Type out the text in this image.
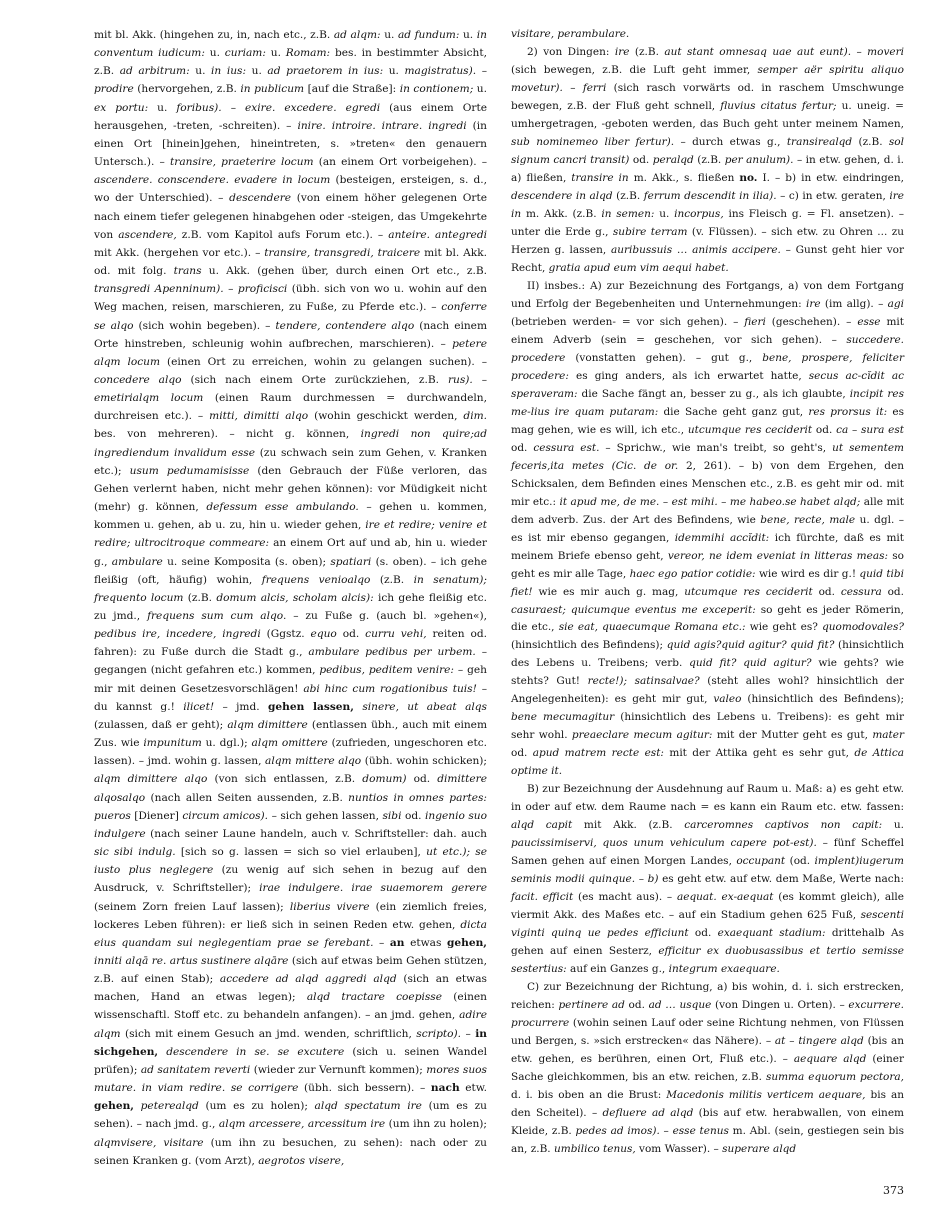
mit bl. Akk. (hingehen zu, in, nach etc., z.B. ad alqm: u. ad fundum: u. in conventum iudicum: u. curiam: u. Romam: bes. in bestimmter Absicht, z.B. ad arbitrum: u. in ius: u. ad praetorem in ius: u. magistratus). – prodire (hervorgehen, z.B. in publicum [auf die Straße]: in contionem; u. ex portu: u. foribus). – exire. excedere. egredi (aus einem Orte herausgehen, -treten, -schreiten). – inire. introire. intrare. ingredi (in einen Ort [hinein]gehen, hineintreten, s. »treten« den genauern Untersch.). – transire, praeterire locum (an einem Ort vorbeigehen). – ascendere. conscendere. evadere in locum (besteigen, ersteigen, s. d., wo der Unterschied). – descendere (von einem höher gelegenen Orte nach einem tiefer gelegenen hinabgehen oder -steigen, das Umgekehrte von ascendere, z.B. vom Kapitol aufs Forum etc.). – anteire. antegredi mit Akk. (hergehen vor etc.). – transire, transgredi, traicere mit bl. Akk. od. mit folg. trans u. Akk. (gehen über, durch einen Ort etc., z.B. transgredi Apenninum). – proficisci (übh. sich von wo u. wohin auf den Weg machen, reisen, marschieren, zu Fuße, zu Pferde etc.). – conferre se alqo (sich wohin begeben). – tendere, contendere alqo (nach einem Orte hinstreben, schleunig wohin aufbrechen, marschieren). – petere alqm locum (einen Ort zu erreichen, wohin zu gelangen suchen). – concedere alqo (sich nach einem Orte zurückziehen, z.B. rus). – emetirialqm locum (einen Raum durchmessen = durchwandeln, durchreisen etc.). – mitti, dimitti alqo (wohin geschickt werden, dim. bes. von mehreren). – nicht g. können, ingredi non quire;ad ingrediendum invalidum esse (zu schwach sein zum Gehen, v. Kranken etc.); usum pedumamisisse (den Gebrauch der Füße verloren, das Gehen verlernt haben, nicht mehr gehen können): vor Müdigkeit nicht (mehr) g. können, defessum esse ambulando. – gehen u. kommen, kommen u. gehen, ab u. zu, hin u. wieder gehen, ire et redire; venire et redire; ultrocitroque commeare: an einem Ort auf und ab, hin u. wieder g., ambulare u. seine Komposita (s. oben); spatiari (s. oben). – ich gehe fleißig (oft, häufig) wohin, frequens venioalqo (z.B. in senatum); frequento locum (z.B. domum alcis, scholam alcis): ich gehe fleißig etc. zu jmd., frequens sum cum alqo. – zu Fuße g. (auch bl. »gehen«), pedibus ire, incedere, ingredi (Ggstz. equo od. curru vehi, reiten od. fahren): zu Fuße durch die Stadt g., ambulare pedibus per urbem. – gegangen (nicht gefahren etc.) kommen, pedibus, peditem venire: – geh mir mit deinen Gesetzesvorschlägen! abi hinc cum rogationibus tuis! – du kannst g.! ilicet! – jmd. gehen lassen, sinere, ut abeat alqs (zulassen, daß er geht); alqm dimittere (entlassen übh., auch mit einem Zus. wie impunitum u. dgl.); alqm omittere (zufrieden, ungeschoren etc. lassen). – jmd. wohin g. lassen, alqm mittere alqo (übh. wohin schicken); alqm dimittere alqo (von sich entlassen, z.B. domum) od. dimittere alqosalqo (nach allen Seiten aussenden, z.B. nuntios in omnes partes: pueros [Diener] circum amicos). – sich gehen lassen, sibi od. ingenio suo indulgere (nach seiner Laune handeln, auch v. Schriftsteller: dah. auch sic sibi indulg. [sich so g. lassen = sich so viel erlauben], ut etc.); se iusto plus neglegere (zu wenig auf sich sehen in bezug auf den Ausdruck, v. Schriftsteller); irae indulgere. irae suaemorem gerere (seinem Zorn freien Lauf lassen); liberius vivere (ein ziemlich freies, lockeres Leben führen): er ließ sich in seinen Reden etw. gehen, dicta eius quandam sui neglegentiam prae se ferebant. – an etwas gehen, inniti alqā re. artus sustinere alqāre (sich auf etwas beim Gehen stützen, z.B. auf einen Stab); accedere ad alqd aggredi alqd (sich an etwas machen, Hand an etwas legen); alqd tractare coepisse (einen wissenschaftl. Stoff etc. zu behandeln anfangen). – an jmd. gehen, adire alqm (sich mit einem Gesuch an jmd. wenden, schriftlich, scripto). – in sichgehen, descendere in se. se excutere (sich u. seinen Wandel prüfen); ad sanitatem reverti (wieder zur Vernunft kommen); mores suos mutare. in viam redire. se corrigere (übh. sich bessern). – nach etw. gehen, peterealqd (um es zu holen); alqd spectatum ire (um es zu sehen). – nach jmd. g., alqm arcessere, arcessitum ire (um ihn zu holen); alqmvisere, visitare (um ihn zu besuchen, zu sehen): nach oder zu seinen Kranken g. (vom Arzt), aegrotos visere,

visitare, perambulare.

2) von Dingen: ire (z.B. aut stant omnesaq uae aut eunt). – moveri (sich bewegen, z.B. die Luft geht immer, semper aër spiritu aliquo movetur). – ferri (sich rasch vorwärts od. in raschem Umschwunge bewegen, z.B. der Fluß geht schnell, fluvius citatus fertur; u. uneig. = umhergetragen, -geboten werden, das Buch geht unter meinem Namen, sub nominemeo liber fertur). – durch etwas g., transirealqd (z.B. sol signum cancri transit) od. peralqd (z.B. per anulum). – in etw. gehen, d. i. a) fließen, transire in m. Akk., s. fließen no. I. – b) in etw. eindringen, descendere in alqd (z.B. ferrum descendit in ilia). – c) in etw. geraten, ire in m. Akk. (z.B. in semen: u. incorpus, ins Fleisch g. = Fl. ansetzen). – unter die Erde g., subire terram (v. Flüssen). – sich etw. zu Ohren ... zu Herzen g. lassen, auribussuis … animis accipere. – Gunst geht hier vor Recht, gratia apud eum vim aequi habet.

II) insbes.: A) zur Bezeichnung des Fortgangs, a) von dem Fortgang und Erfolg der Begebenheiten und Unternehmungen: ire (im allg). – agi (betrieben werden- = vor sich gehen). – fieri (geschehen). – esse mit einem Adverb (sein = geschehen, vor sich gehen). – succedere. procedere (vonstatten gehen). – gut g., bene, prospere, feliciter procedere: es ging anders, als ich erwartet hatte, secus ac-cĭdit ac speraveram: die Sache fängt an, besser zu g., als ich glaubte, incipit res me-lius ire quam putaram: die Sache geht ganz gut, res prorsus it: es mag gehen, wie es will, ich etc., utcumque res ceciderit od. ca – sura est od. cessura est. – Sprichw., wie man's treibt, so geht's, ut sementem feceris,ita metes (Cic. de or. 2, 261). – b) von dem Ergehen, den Schicksalen, dem Befinden eines Menschen etc., z.B. es geht mir od. mit mir etc.: it apud me, de me. – est mihi. – me habeo.se habet alqd; alle mit dem adverb. Zus. der Art des Befindens, wie bene, recte, male u. dgl. – es ist mir ebenso gegangen, idemmihi accĭdit: ich fürchte, daß es mit meinem Briefe ebenso geht, vereor, ne idem eveniat in litteras meas: so geht es mir alle Tage, haec ego patior cotidie: wie wird es dir g.! quid tibi fiet! wie es mir auch g. mag, utcumque res ceciderit od. cessura od. casuraest; quicumque eventus me exceperit: so geht es jeder Römerin, die etc., sie eat, quaecumque Romana etc.: wie geht es? quomodovales? (hinsichtlich des Befindens); quid agis?quid agitur? quid fit? (hinsichtlich des Lebens u. Treibens; verb. quid fit? quid agitur? wie gehts? wie stehts? Gut! recte!); satinsalvae? (steht alles wohl? hinsichtlich der Angelegenheiten): es geht mir gut, valeo (hinsichtlich des Befindens); bene mecumagitur (hinsichtlich des Lebens u. Treibens): es geht mir sehr wohl. preaeclare mecum agitur: mit der Mutter geht es gut, mater od. apud matrem recte est: mit der Attika geht es sehr gut, de Attica optime it.

B) zur Bezeichnung der Ausdehnung auf Raum u. Maß: a) es geht etw. in oder auf etw. dem Raume nach = es kann ein Raum etc. etw. fassen: alqd capit mit Akk. (z.B. carceromnes captivos non capit: u. paucissimiservi, quos unum vehiculum capere pot-est). – fünf Scheffel Samen gehen auf einen Morgen Landes, occupant (od. implent)iugerum seminis modii quinque. – b) es geht etw. auf etw. dem Maße, Werte nach: facit. efficit (es macht aus). – aequat. ex-aequat (es kommt gleich), alle viermit Akk. des Maßes etc. – auf ein Stadium gehen 625 Fuß, sescenti viginti quinq ue pedes efficiunt od. exaequant stadium: drittehalb As gehen auf einen Sesterz, efficitur ex duobusassibus et tertio semisse sestertius: auf ein Ganzes g., integrum exaequare.

C) zur Bezeichnung der Richtung, a) bis wohin, d. i. sich erstrecken, reichen: pertinere ad od. ad … usque (von Dingen u. Orten). – excurrere. procurrere (wohin seinen Lauf oder seine Richtung nehmen, von Flüssen und Bergen, s. »sich erstrecken« das Nähere). – at – tingere alqd (bis an etw. gehen, es berühren, einen Ort, Fluß etc.). – aequare alqd (einer Sache gleichkommen, bis an etw. reichen, z.B. summa equorum pectora, d. i. bis oben an die Brust: Macedonis militis verticem aequare, bis an den Scheitel). – defluere ad alqd (bis auf etw. herabwallen, von einem Kleide, z.B. pedes ad imos). – esse tenus m. Abl. (sein, gestiegen sein bis an, z.B. umbilico tenus, vom Wasser). – superare alqd

373
